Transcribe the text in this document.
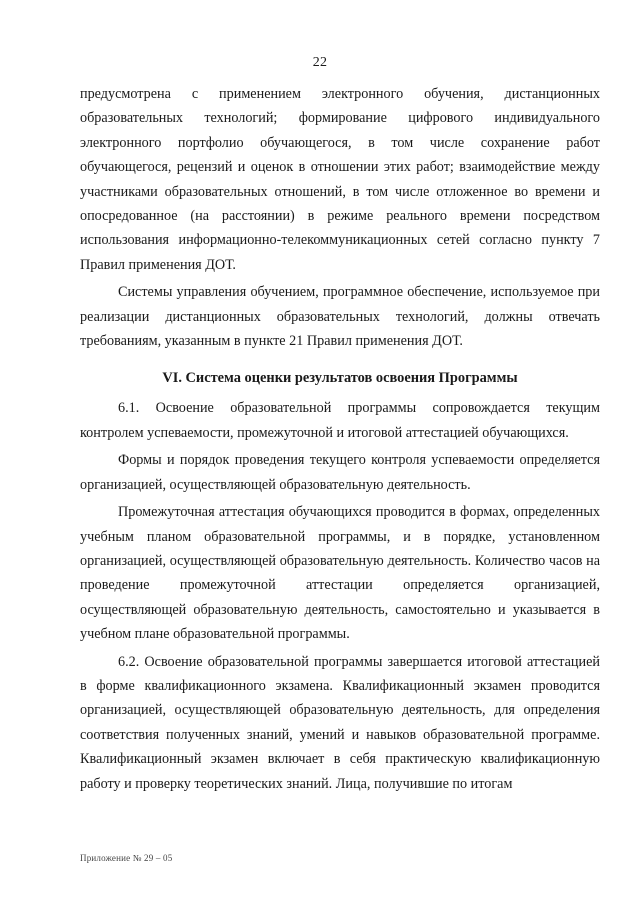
22

предусмотрена с применением электронного обучения, дистанционных образовательных технологий; формирование цифрового индивидуального электронного портфолио обучающегося, в том числе сохранение работ обучающегося, рецензий и оценок в отношении этих работ; взаимодействие между участниками образовательных отношений, в том числе отложенное во времени и опосредованное (на расстоянии) в режиме реального времени посредством использования информационно-телекоммуникационных сетей согласно пункту 7 Правил применения ДОТ.

Системы управления обучением, программное обеспечение, используемое при реализации дистанционных образовательных технологий, должны отвечать требованиям, указанным в пункте 21 Правил применения ДОТ.

VI. Система оценки результатов освоения Программы

6.1. Освоение образовательной программы сопровождается текущим контролем успеваемости, промежуточной и итоговой аттестацией обучающихся.

Формы и порядок проведения текущего контроля успеваемости определяется организацией, осуществляющей образовательную деятельность.

Промежуточная аттестация обучающихся проводится в формах, определенных учебным планом образовательной программы, и в порядке, установленном организацией, осуществляющей образовательную деятельность. Количество часов на проведение промежуточной аттестации определяется организацией, осуществляющей образовательную деятельность, самостоятельно и указывается в учебном плане образовательной программы.

6.2. Освоение образовательной программы завершается итоговой аттестацией в форме квалификационного экзамена. Квалификационный экзамен проводится организацией, осуществляющей образовательную деятельность, для определения соответствия полученных знаний, умений и навыков образовательной программе. Квалификационный экзамен включает в себя практическую квалификационную работу и проверку теоретических знаний. Лица, получившие по итогам

Приложение № 29 – 05
